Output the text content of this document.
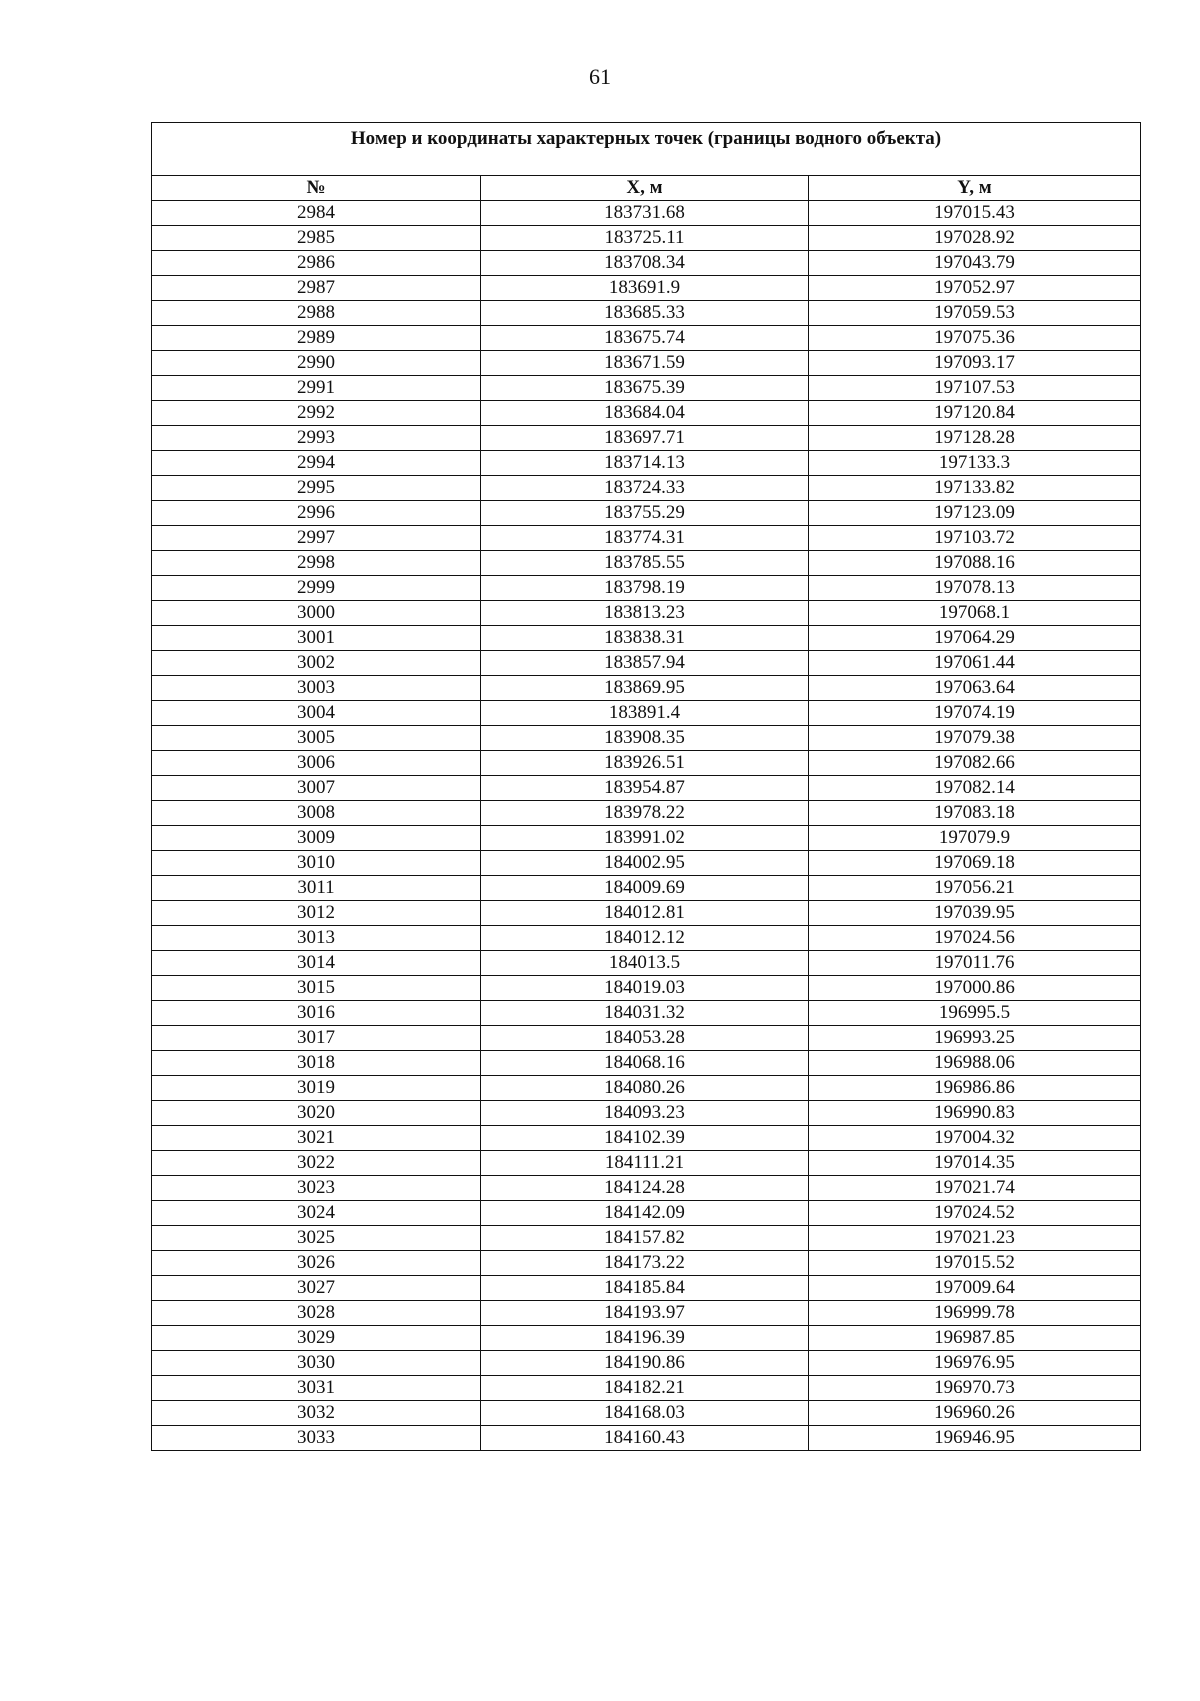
61
Номер и координаты характерных точек (границы водного объекта)		
№	X, м	Y, м
2984	183731.68	197015.43
2985	183725.11	197028.92
2986	183708.34	197043.79
2987	183691.9	197052.97
2988	183685.33	197059.53
2989	183675.74	197075.36
2990	183671.59	197093.17
2991	183675.39	197107.53
2992	183684.04	197120.84
2993	183697.71	197128.28
2994	183714.13	197133.3
2995	183724.33	197133.82
2996	183755.29	197123.09
2997	183774.31	197103.72
2998	183785.55	197088.16
2999	183798.19	197078.13
3000	183813.23	197068.1
3001	183838.31	197064.29
3002	183857.94	197061.44
3003	183869.95	197063.64
3004	183891.4	197074.19
3005	183908.35	197079.38
3006	183926.51	197082.66
3007	183954.87	197082.14
3008	183978.22	197083.18
3009	183991.02	197079.9
3010	184002.95	197069.18
3011	184009.69	197056.21
3012	184012.81	197039.95
3013	184012.12	197024.56
3014	184013.5	197011.76
3015	184019.03	197000.86
3016	184031.32	196995.5
3017	184053.28	196993.25
3018	184068.16	196988.06
3019	184080.26	196986.86
3020	184093.23	196990.83
3021	184102.39	197004.32
3022	184111.21	197014.35
3023	184124.28	197021.74
3024	184142.09	197024.52
3025	184157.82	197021.23
3026	184173.22	197015.52
3027	184185.84	197009.64
3028	184193.97	196999.78
3029	184196.39	196987.85
3030	184190.86	196976.95
3031	184182.21	196970.73
3032	184168.03	196960.26
3033	184160.43	196946.95
